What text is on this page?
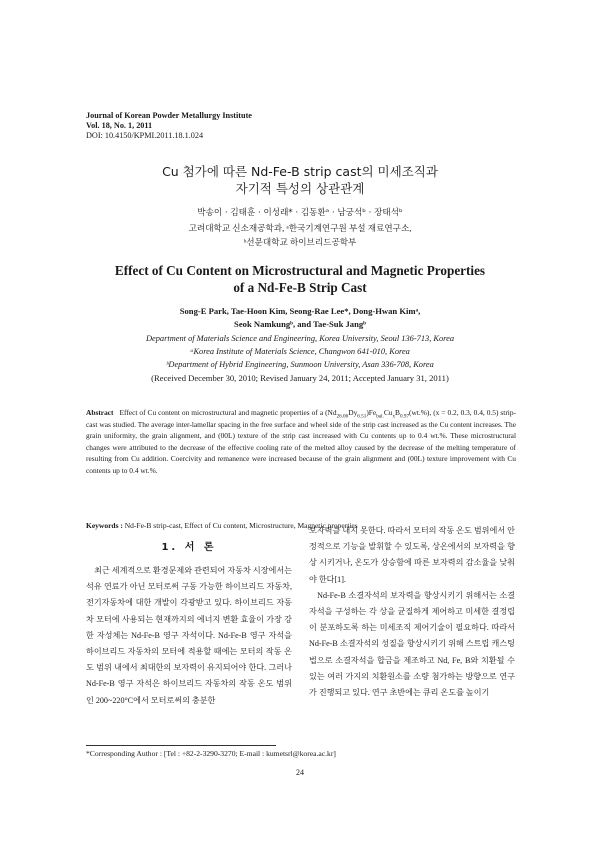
Journal of Korean Powder Metallurgy Institute
Vol. 18, No. 1, 2011
DOI: 10.4150/KPMI.2011.18.1.024
Cu 첨가에 따른 Nd-Fe-B strip cast의 미세조직과
자기적 특성의 상관관계
박송이 · 김태훈 · 이성래* · 김동환ᵃ · 남궁석ᵇ · 장태석ᵇ
고려대학교 신소재공학과, ᵃ한국기계연구원 부설 재료연구소,
ᵇ선문대학교 하이브리드공학부
Effect of Cu Content on Microstructural and Magnetic Properties
of a Nd-Fe-B Strip Cast
Song-E Park, Tae-Hoon Kim, Seong-Rae Lee*, Dong-Hwan Kimᵃ,
Seok Namkungᵇ, and Tae-Suk Jangᵇ
Department of Materials Science and Engineering, Korea University, Seoul 136-713, Korea
ᵃKorea Institute of Materials Science, Changwon 641-010, Korea
ᵇDepartment of Hybrid Engineering, Sunmoon University, Asan 336-708, Korea
(Received December 30, 2010; Revised January 24, 2011; Accepted January 31, 2011)
Abstract Effect of Cu content on microstructural and magnetic properties of a $(Nd_{26.06}Dy_{6.51})Fe_{bal.}Cu_xB_{0.97}(wt.\%)$, (x = 0.2, 0.3, 0.4, 0.5) strip-cast was studied. The average inter-lamellar spacing in the free surface and wheel side of the strip cast increased as the Cu content increases. The grain uniformity, the grain alignment, and (00L) texture of the strip cast increased with Cu contents up to 0.4 wt.%. These microstructural changes were attributed to the decrease of the effective cooling rate of the melted alloy caused by the decrease of the melting temperature of resulting from Cu addition. Coercivity and remanence were increased because of the grain alignment and (00L) texture improvement with Cu contents up to 0.4 wt.%.
Keywords : Nd-Fe-B strip-cast, Effect of Cu content, Microstructure, Magnetic properties
1. 서 론

최근 세계적으로 환경문제와 관련되어 자동차 시장에서는 석유 연료가 아닌 모터로써 구동 가능한 하이브리드 자동차, 전기자동차에 대한 개발이 각광받고 있다. 하이브리드 자동차 모터에 사용되는 현재까지의 에너지 변환 효율이 가장 강한 자성체는 Nd-Fe-B 영구 자석이다. Nd-Fe-B 영구 자석을 하이브리드 자동차의 모터에 적용할 때에는 모터의 작동 온도 범위 내에서 최대한의 보자력이 유지되어야 한다. 그러나 Nd-Fe-B 영구 자석은 하이브리드 자동차의 작동 온도 범위인 200~220°C에서 모터로써의 충분한

보자력을 내지 못한다. 따라서 모터의 작동 온도 범위에서 안정적으로 기능을 발휘할 수 있도록, 상온에서의 보자력을 향상 시키거나, 온도가 상승함에 따른 보자력의 감소율을 낮춰야 한다[1].

Nd-Fe-B 소결자석의 보자력을 향상시키기 위해서는 소결자석을 구성하는 각 상을 균질하게 제어하고 미세한 결정립이 분포하도록 하는 미세조직 제어기술이 필요하다. 따라서 Nd-Fe-B 소결자석의 성질을 향상시키기 위해 스트립 캐스팅법으로 소결자석을 합금을 제조하고 Nd, Fe, B와 치환될 수 있는 여러 가지의 치환원소를 소량 첨가하는 방향으로 연구가 진행되고 있다. 연구 초반에는 큐리 온도를 높이기

*Corresponding Author : [Tel : +82-2-3290-3270; E-mail : kumetsrl@korea.ac.kr]
24
